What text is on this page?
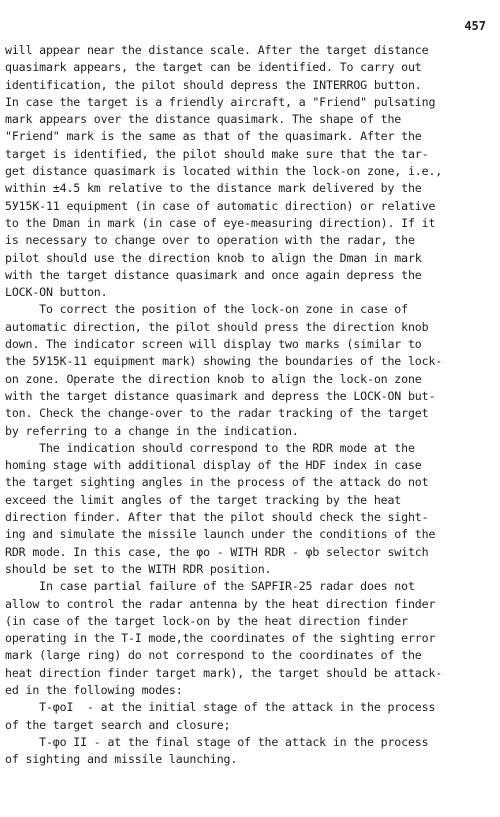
457
will appear near the distance scale. After the target distance
quasimark appears, the target can be identified. To carry out
identification, the pilot should depress the INTERROG button.
In case the target is a friendly aircraft, a "Friend" pulsating
mark appears over the distance quasimark. The shape of the
"Friend" mark is the same as that of the quasimark. After the
target is identified, the pilot should make sure that the tar-
get distance quasimark is located within the lock-on zone, i.e.,
within ±4.5 km relative to the distance mark delivered by the
5У15K-11 equipment (in case of automatic direction) or relative
to the Dman in mark (in case of eye-measuring direction). If it
is necessary to change over to operation with the radar, the
pilot should use the direction knob to align the Dman in mark
with the target distance quasimark and once again depress the
LOCK-ON button.
To correct the position of the lock-on zone in case of
automatic direction, the pilot should press the direction knob
down. The indicator screen will display two marks (similar to
the 5У15K-11 equipment mark) showing the boundaries of the lock-
on zone. Operate the direction knob to align the lock-on zone
with the target distance quasimark and depress the LOCK-ON but-
ton. Check the change-over to the radar tracking of the target
by referring to a change in the indication.
The indication should correspond to the RDR mode at the
homing stage with additional display of the HDF index in case
the target sighting angles in the process of the attack do not
exceed the limit angles of the target tracking by the heat
direction finder. After that the pilot should check the sight-
ing and simulate the missile launch under the conditions of the
RDR mode. In this case, the φo - WITH RDR - φb selector switch
should be set to the WITH RDR position.
In case partial failure of the SAPFIR-25 radar does not
allow to control the radar antenna by the heat direction finder
(in case of the target lock-on by the heat direction finder
operating in the T-I mode,the coordinates of the sighting error
mark (large ring) do not correspond to the coordinates of the
heat direction finder target mark), the target should be attack-
ed in the following modes:
T-φoI  - at the initial stage of the attack in the process
of the target search and closure;
T-φo II - at the final stage of the attack in the process
of sighting and missile launching.
